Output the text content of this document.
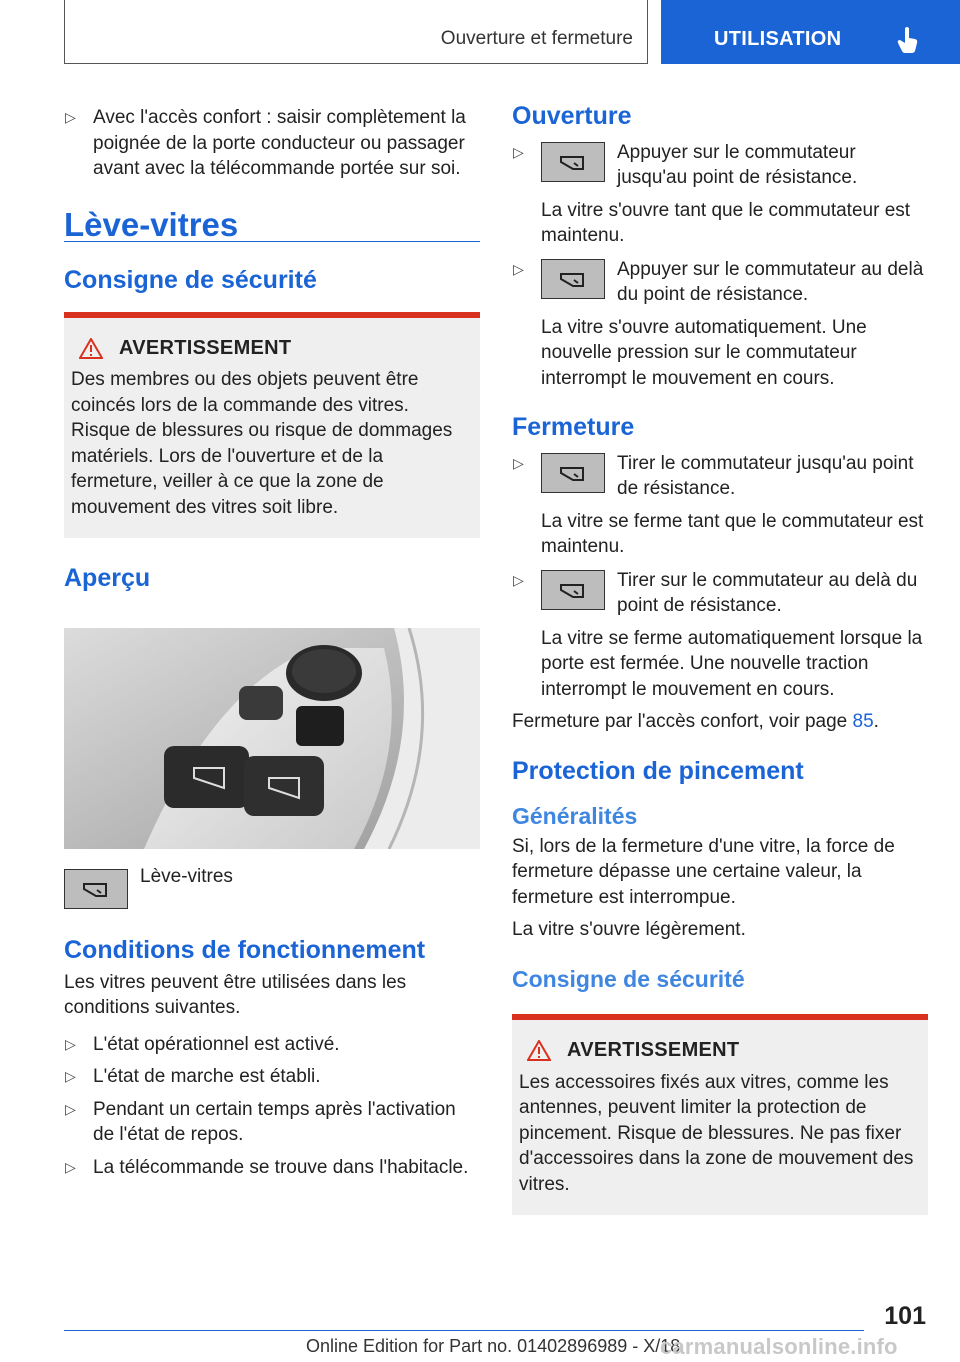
Ouverture et fermeture	UTILISATION
▷ Avec l'accès confort : saisir complètement la poignée de la porte conducteur ou passager avant avec la télécommande portée sur soi.

Lève-vitres
Consigne de sécurité
AVERTISSEMENT

Des membres ou des objets peuvent être coincés lors de la commande des vitres. Risque de blessures ou risque de dommages matériels. Lors de l'ouverture et de la fermeture, veiller à ce que la zone de mouvement des vitres soit libre.

Aperçu
Lève-vitres
Conditions de fonctionnement

Les vitres peuvent être utilisées dans les conditions suivantes.

▷ L'état opérationnel est activé.

▷ L'état de marche est établi.

▷ Pendant un certain temps après l'activation de l'état de repos.

▷ La télécommande se trouve dans l'habitacle.

Ouverture
▷	Appuyer sur le commutateur jusqu'au point de résistance.

La vitre s'ouvre tant que le commutateur est maintenu.

▷	Appuyer sur le commutateur au delà du point de résistance.

La vitre s'ouvre automatiquement. Une nouvelle pression sur le commutateur interrompt le mouvement en cours.

Fermeture
▷	Tirer le commutateur jusqu'au point de résistance.

La vitre se ferme tant que le commutateur est maintenu.

▷	Tirer sur le commutateur au delà du point de résistance.

La vitre se ferme automatiquement lorsque la porte est fermée. Une nouvelle traction interrompt le mouvement en cours.

Fermeture par l'accès confort, voir page 85.

Protection de pincement
Généralités

Si, lors de la fermeture d'une vitre, la force de fermeture dépasse une certaine valeur, la fermeture est interrompue.

La vitre s'ouvre légèrement.

Consigne de sécurité
AVERTISSEMENT

Les accessoires fixés aux vitres, comme les antennes, peuvent limiter la protection de pincement. Risque de blessures. Ne pas fixer d'accessoires dans la zone de mouvement des vitres.

101
Online Edition for Part no. 01402896989 - X/18
carmanualsonline.info
